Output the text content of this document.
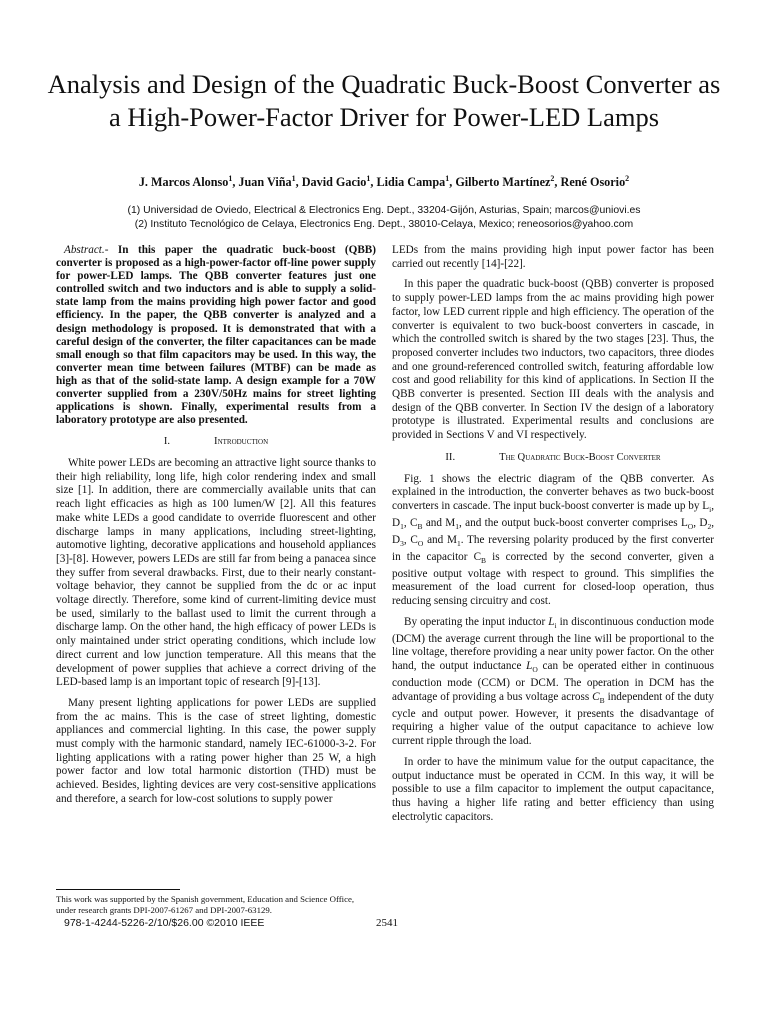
Analysis and Design of the Quadratic Buck-Boost Converter as a High-Power-Factor Driver for Power-LED Lamps
J. Marcos Alonso$^1$, Juan Viña$^1$, David Gacio$^1$, Lidia Campa$^1$, Gilberto Martínez$^2$, René Osorio$^2$
(1) Universidad de Oviedo, Electrical & Electronics Eng. Dept., 33204-Gijón, Asturias, Spain; marcos@uniovi.es
(2) Instituto Tecnológico de Celaya, Electronics Eng. Dept., 38010-Celaya, Mexico; reneosorios@yahoo.com

Abstract.- In this paper the quadratic buck-boost (QBB) converter is proposed as a high-power-factor off-line power supply for power-LED lamps. The QBB converter features just one controlled switch and two inductors and is able to supply a solid-state lamp from the mains providing high power factor and good efficiency. In the paper, the QBB converter is analyzed and a design methodology is proposed. It is demonstrated that with a careful design of the converter, the filter capacitances can be made small enough so that film capacitors may be used. In this way, the converter mean time between failures (MTBF) can be made as high as that of the solid-state lamp. A design example for a 70W converter supplied from a 230V/50Hz mains for street lighting applications is shown. Finally, experimental results from a laboratory prototype are also presented.

I.	Introduction

White power LEDs are becoming an attractive light source thanks to their high reliability, long life, high color rendering index and small size [1]. In addition, there are commercially available units that can reach light efficacies as high as 100 lumen/W [2]. All this features make white LEDs a good candidate to override fluorescent and other discharge lamps in many applications, including street-lighting, automotive lighting, decorative applications and household appliances [3]-[8]. However, powers LEDs are still far from being a panacea since they suffer from several drawbacks. First, due to their nearly constant-voltage behavior, they cannot be supplied from the dc or ac input voltage directly. Therefore, some kind of current-limiting device must be used, similarly to the ballast used to limit the current through a discharge lamp. On the other hand, the high efficacy of power LEDs is only maintained under strict operating conditions, which include low direct current and low junction temperature. All this means that the development of power supplies that achieve a correct driving of the LED-based lamp is an important topic of research [9]-[13].

Many present lighting applications for power LEDs are supplied from the ac mains. This is the case of street lighting, domestic appliances and commercial lighting. In this case, the power supply must comply with the harmonic standard, namely IEC-61000-3-2. For lighting applications with a rating power higher than 25 W, a high power factor and low total harmonic distortion (THD) must be achieved. Besides, lighting devices are very cost-sensitive applications and therefore, a search for low-cost solutions to supply power

LEDs from the mains providing high input power factor has been carried out recently [14]-[22].

In this paper the quadratic buck-boost (QBB) converter is proposed to supply power-LED lamps from the ac mains providing high power factor, low LED current ripple and high efficiency. The operation of the converter is equivalent to two buck-boost converters in cascade, in which the controlled switch is shared by the two stages [23]. Thus, the proposed converter includes two inductors, two capacitors, three diodes and one ground-referenced controlled switch, featuring affordable low cost and good reliability for this kind of applications. In Section II the QBB converter is presented. Section III deals with the analysis and design of the QBB converter. In Section IV the design of a laboratory prototype is illustrated. Experimental results and conclusions are provided in Sections V and VI respectively.

II.	The Quadratic Buck-Boost Converter

Fig. 1 shows the electric diagram of the QBB converter. As explained in the introduction, the converter behaves as two buck-boost converters in cascade. The input buck-boost converter is made up by $L_i$, $D_1$, $C_B$ and $M_1$, and the output buck-boost converter comprises $L_O$, $D_2$, $D_3$, $C_O$ and $M_1$. The reversing polarity produced by the first converter in the capacitor $C_B$ is corrected by the second converter, given a positive output voltage with respect to ground. This simplifies the measurement of the load current for closed-loop operation, thus reducing sensing circuitry and cost.

By operating the input inductor $L_i$ in discontinuous conduction mode (DCM) the average current through the line will be proportional to the line voltage, therefore providing a near unity power factor. On the other hand, the output inductance $L_O$ can be operated either in continuous conduction mode (CCM) or DCM. The operation in DCM has the advantage of providing a bus voltage across $C_B$ independent of the duty cycle and output power. However, it presents the disadvantage of requiring a higher value of the output capacitance to achieve low current ripple through the load.

In order to have the minimum value for the output capacitance, the output inductance must be operated in CCM. In this way, it will be possible to use a film capacitor to implement the output capacitance, thus having a higher life rating and better efficiency than using electrolytic capacitors.

This work was supported by the Spanish government, Education and Science Office, under research grants DPI-2007-61267 and DPI-2007-63129.
978-1-4244-5226-2/10/$26.00 ©2010 IEEE	2541
